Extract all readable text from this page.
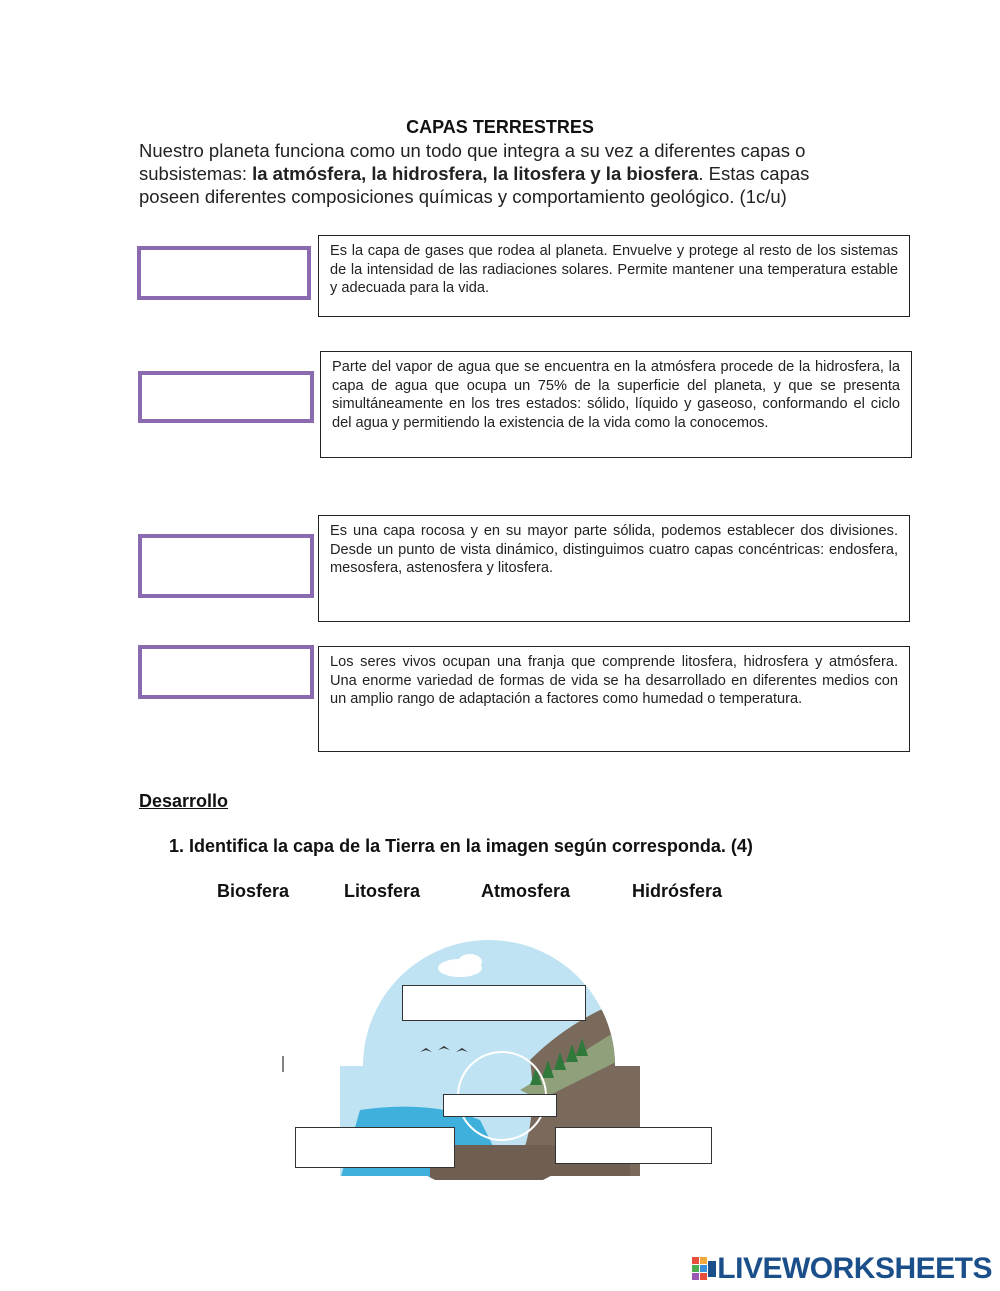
CAPAS TERRESTRES
Nuestro planeta funciona como un todo que integra a su vez a diferentes capas o subsistemas: la atmósfera, la hidrosfera, la litosfera y la biosfera. Estas capas poseen diferentes composiciones químicas y comportamiento geológico. (1c/u)
Es la capa de gases que rodea al planeta. Envuelve y protege al resto de los sistemas de la intensidad de las radiaciones solares. Permite mantener una temperatura estable y adecuada para la vida.
Parte del vapor de agua que se encuentra en la atmósfera procede de la hidrosfera, la capa de agua que ocupa un 75% de la superficie del planeta, y que se presenta simultáneamente en los tres estados: sólido, líquido y gaseoso, conformando el ciclo del agua y permitiendo la existencia de la vida como la conocemos.
Es una capa rocosa y en su mayor parte sólida, podemos establecer dos divisiones. Desde un punto de vista dinámico, distinguimos cuatro capas concéntricas: endosfera, mesosfera, astenosfera y litosfera.
Los seres vivos ocupan una franja que comprende litosfera, hidrosfera y atmósfera. Una enorme variedad de formas de vida se ha desarrollado en diferentes medios con un amplio rango de adaptación a factores como humedad o temperatura.
Desarrollo
1. Identifica la capa de la Tierra en la imagen según corresponda. (4)
Biosfera	Litosfera	Atmosfera	Hidrósfera
LIVEWORKSHEETS
